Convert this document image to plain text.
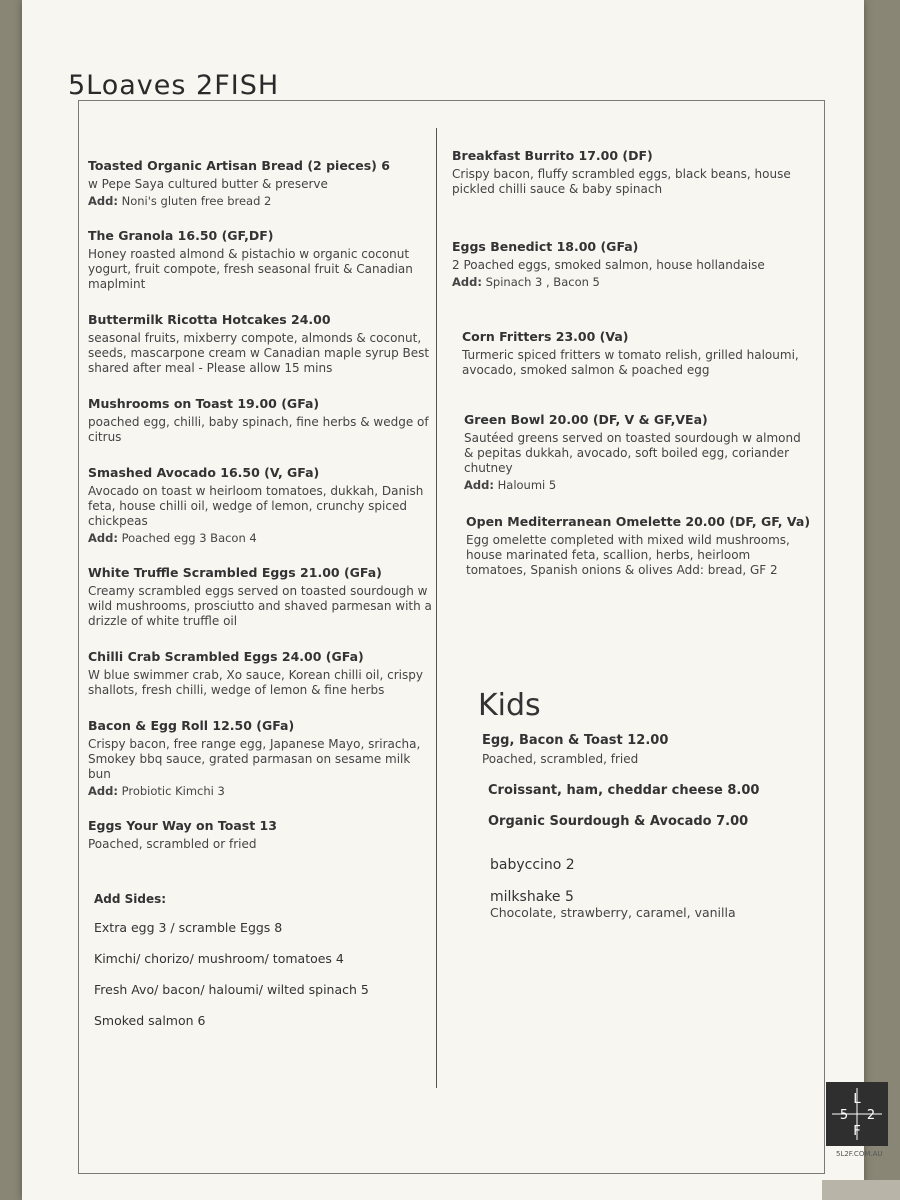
5Loaves 2FISH
Toasted Organic Artisan Bread (2 pieces) 6
w Pepe Saya cultured butter & preserve
Add: Noni's gluten free bread 2
The Granola 16.50 (GF,DF)
Honey roasted almond & pistachio w organic coconut yogurt, fruit compote, fresh seasonal fruit & Canadian maplmint
Buttermilk Ricotta Hotcakes 24.00
seasonal fruits, mixberry compote, almonds & coconut, seeds, mascarpone cream w Canadian maple syrup Best shared after meal - Please allow 15 mins
Mushrooms on Toast 19.00 (GFa)
poached egg, chilli, baby spinach, fine herbs & wedge of citrus
Smashed Avocado 16.50 (V, GFa)
Avocado on toast w heirloom tomatoes, dukkah, Danish feta, house chilli oil, wedge of lemon, crunchy spiced chickpeas
Add: Poached egg 3 Bacon 4
White Truffle Scrambled Eggs 21.00 (GFa)
Creamy scrambled eggs served on toasted sourdough w wild mushrooms, prosciutto and shaved parmesan with a drizzle of white truffle oil
Chilli Crab Scrambled Eggs 24.00 (GFa)
W blue swimmer crab, Xo sauce, Korean chilli oil, crispy shallots, fresh chilli, wedge of lemon & fine herbs
Bacon & Egg Roll 12.50 (GFa)
Crispy bacon, free range egg, Japanese Mayo, sriracha, Smokey bbq sauce, grated parmasan on sesame milk bun
Add: Probiotic Kimchi 3
Eggs Your Way on Toast 13
Poached, scrambled or fried
Add Sides:
Extra egg 3 / scramble Eggs 8
Kimchi/ chorizo/ mushroom/ tomatoes 4
Fresh Avo/ bacon/ haloumi/ wilted spinach 5
Smoked salmon 6
Breakfast Burrito 17.00 (DF)
Crispy bacon, fluffy scrambled eggs, black beans, house pickled chilli sauce & baby spinach
Eggs Benedict 18.00 (GFa)
2 Poached eggs, smoked salmon, house hollandaise
Add: Spinach 3 , Bacon 5
Corn Fritters 23.00 (Va)
Turmeric spiced fritters w tomato relish, grilled haloumi, avocado, smoked salmon & poached egg
Green Bowl 20.00 (DF, V & GF,VEa)
Sautéed greens served on toasted sourdough w almond & pepitas dukkah, avocado, soft boiled egg, coriander chutney
Add: Haloumi 5
Open Mediterranean Omelette 20.00 (DF, GF, Va)
Egg omelette completed with mixed wild mushrooms, house marinated feta, scallion, herbs, heirloom tomatoes, Spanish onions & olives Add: bread, GF 2
Kids
Egg, Bacon & Toast 12.00
Poached, scrambled, fried
Croissant, ham, cheddar cheese 8.00
Organic Sourdough & Avocado 7.00
babyccino 2
milkshake 5
Chocolate, strawberry, caramel, vanilla
L
5 2
F
5L2F.COM.AU
